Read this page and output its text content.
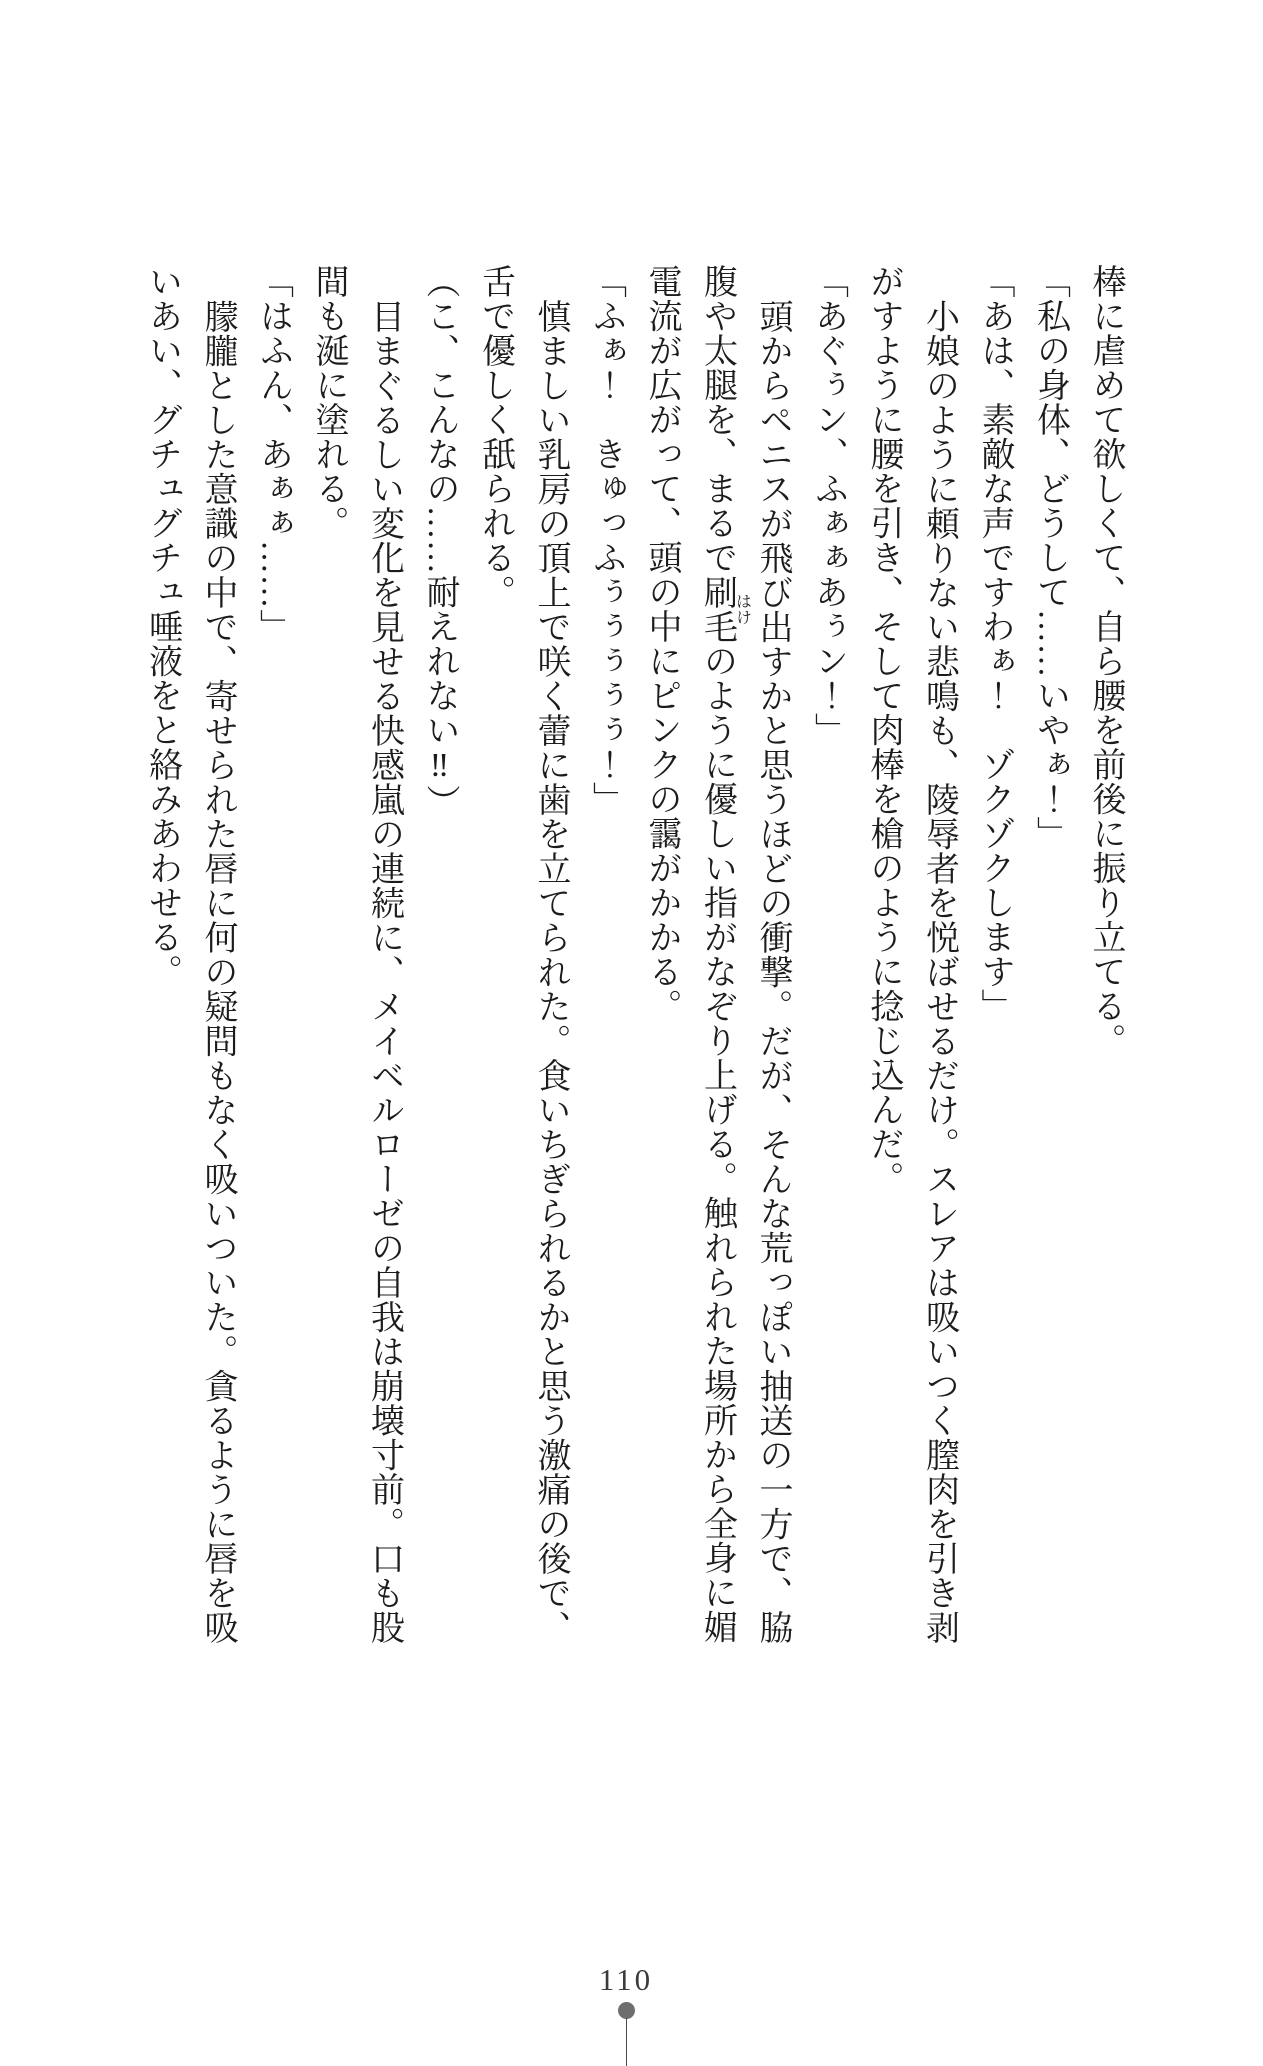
棒に虐めて欲しくて、自ら腰を前後に振り立てる。

「私の身体、どうして……いやぁ！」

「あは、素敵な声ですわぁ！　ゾクゾクします」

小娘のように頼りない悲鳴も、陵辱者を悦ばせるだけ。スレアは吸いつく膣肉を引き剥がすように腰を引き、そして肉棒を槍のように捻じ込んだ。

「あぐぅン、ふぁぁあぅン！」

頭からペニスが飛び出すかと思うほどの衝撃。だが、そんな荒っぽい抽送の一方で、脇腹や太腿を、まるで刷毛はけのように優しい指がなぞり上げる。触れられた場所から全身に媚電流が広がって、頭の中にピンクの靄がかかる。

「ふぁ！　きゅっふぅぅぅぅぅ！」

慎ましい乳房の頂上で咲く蕾に歯を立てられた。食いちぎられるかと思う激痛の後で、舌で優しく舐られる。

（こ、こんなの……耐えれない‼）

目まぐるしい変化を見せる快感嵐の連続に、メイベルローゼの自我は崩壊寸前。口も股間も涎に塗れる。

「はふん、あぁぁ……」

朦朧とした意識の中で、寄せられた唇に何の疑問もなく吸いついた。貪るように唇を吸いあい、グチュグチュ唾液をと絡みあわせる。

110
